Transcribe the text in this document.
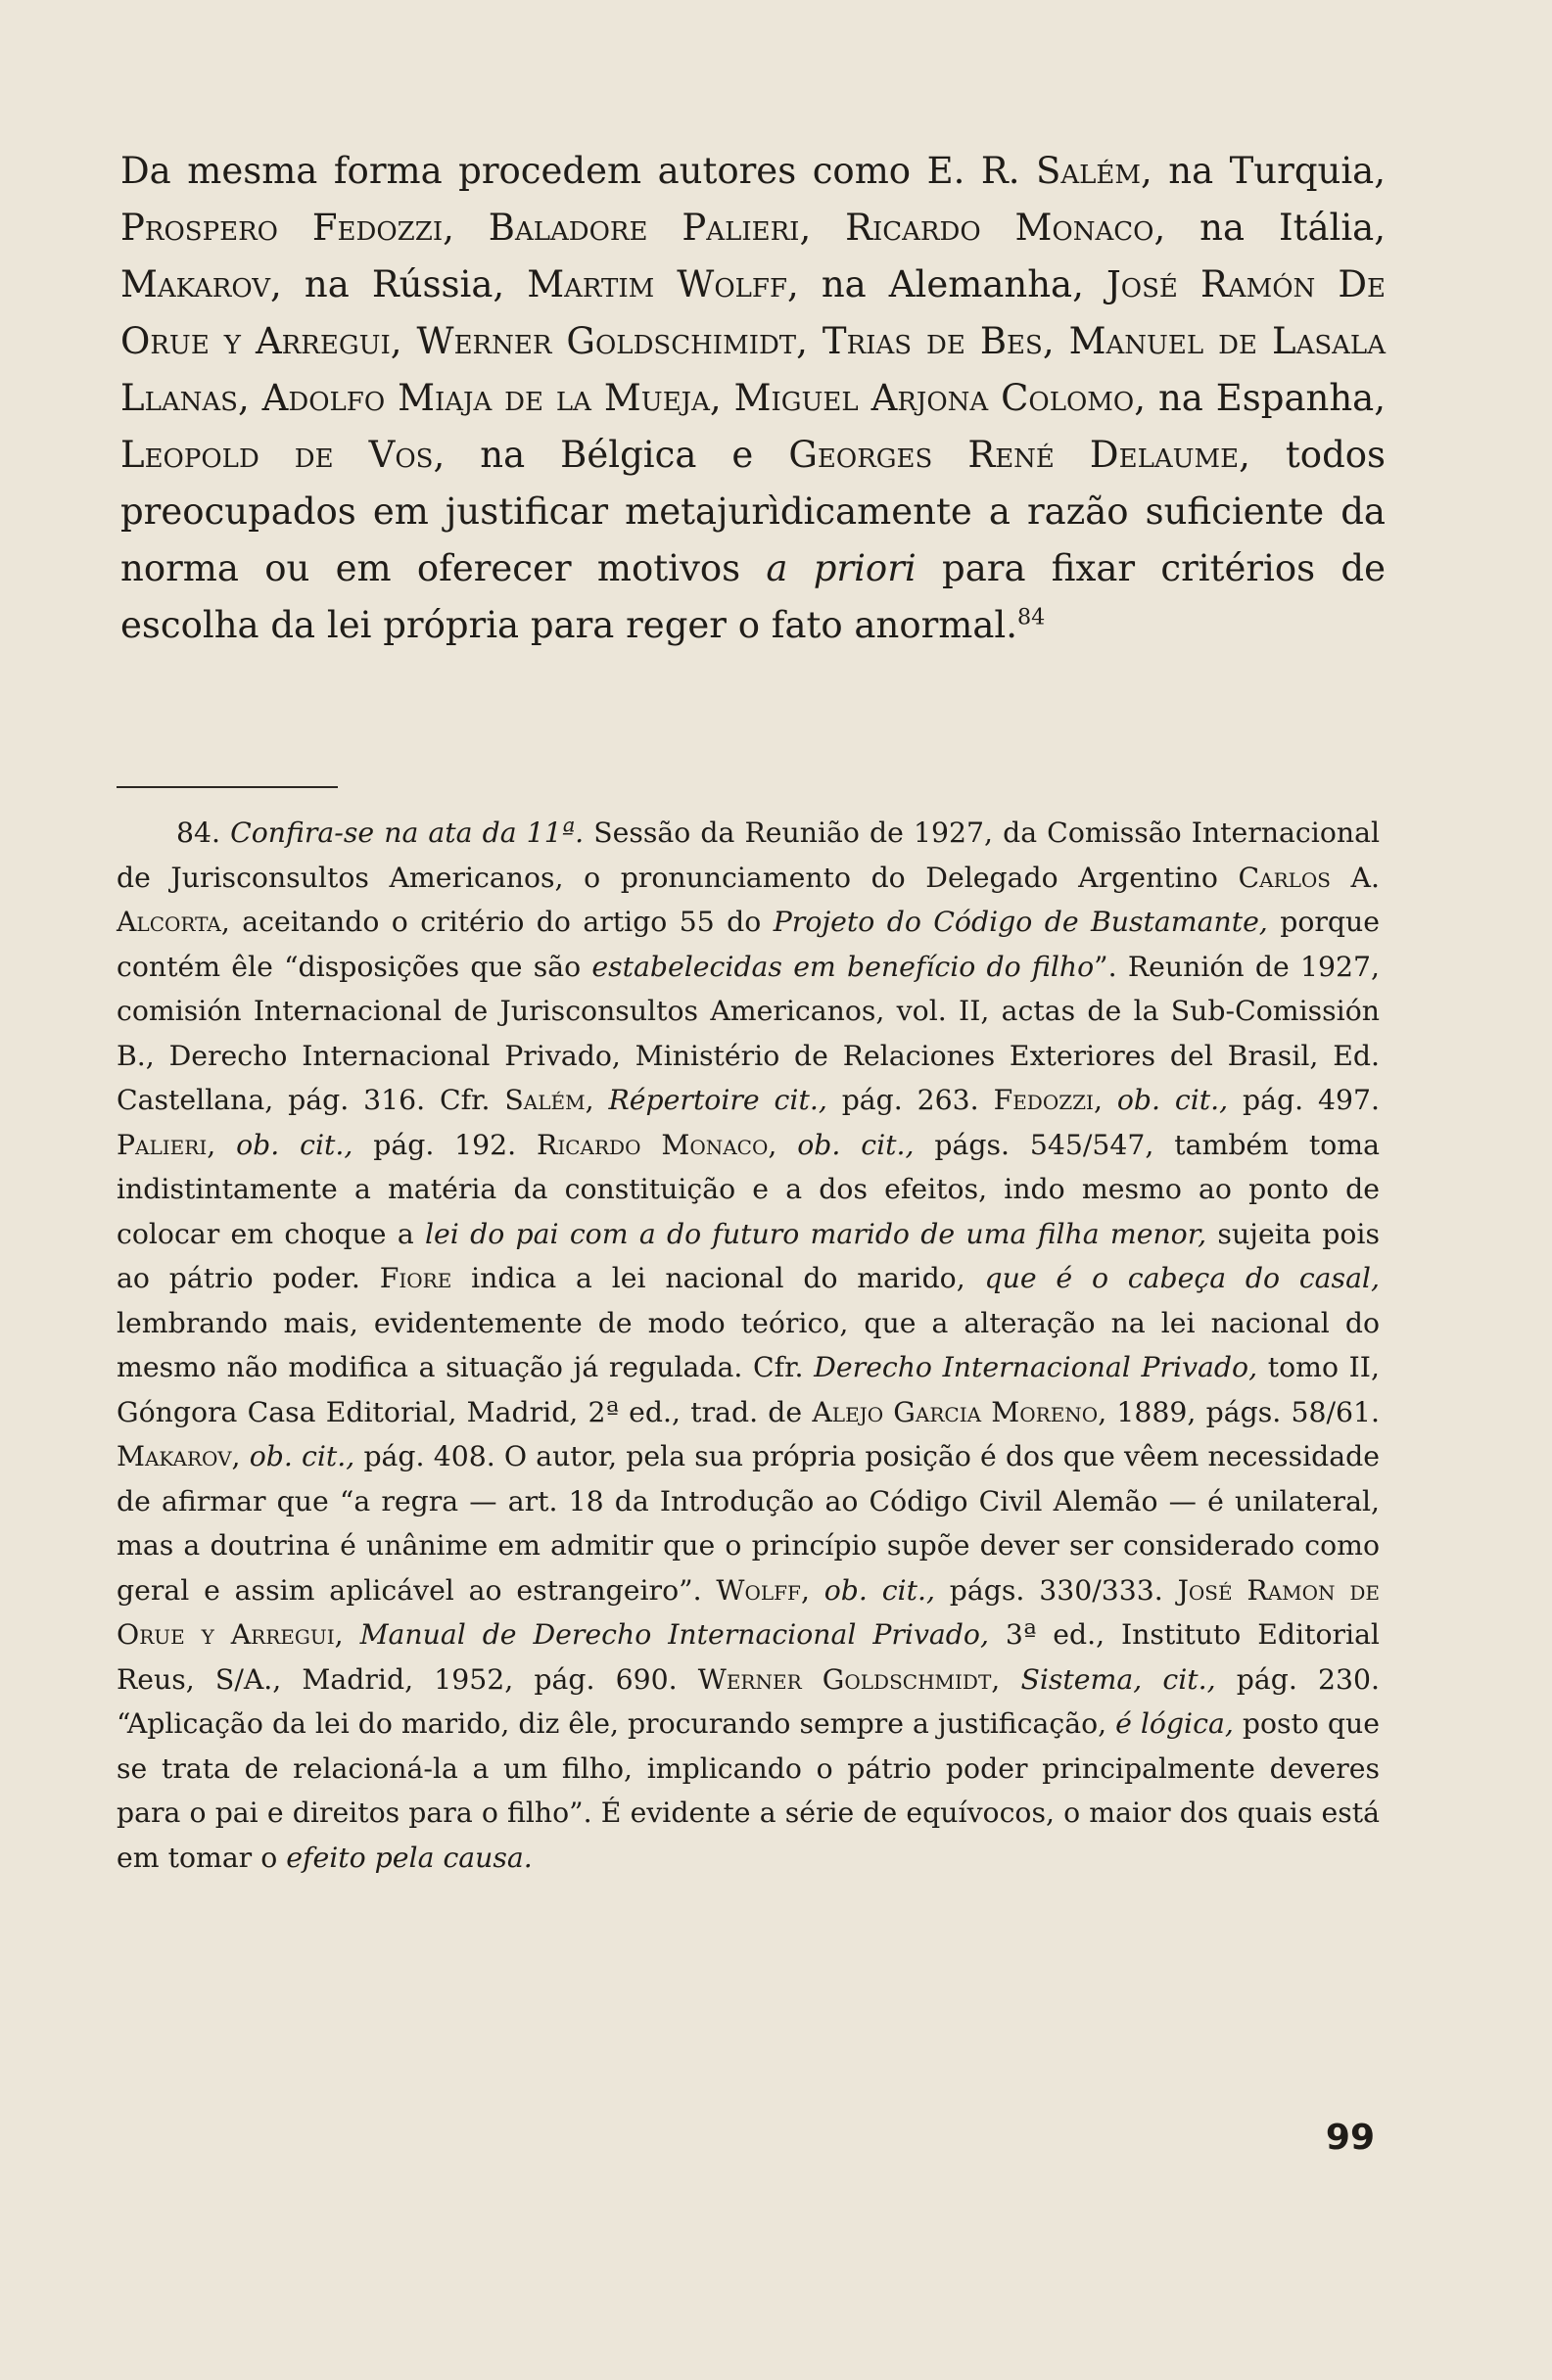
Da mesma forma procedem autores como E. R. Salém, na Turquia, Prospero Fedozzi, Baladore Palieri, Ricardo Monaco, na Itália, Makarov, na Rússia, Martim Wolff, na Alemanha, José Ramón De Orue y Arregui, Werner Goldschimidt, Trias de Bes, Manuel de Lasala Llanas, Adolfo Miaja de la Mueja, Miguel Arjona Colomo, na Espanha, Leopold de Vos, na Bélgica e Georges René Delaume, todos preocupados em justificar metajurìdicamente a razão suficiente da norma ou em oferecer motivos a priori para fixar critérios de escolha da lei própria para reger o fato anormal.$^{84}$

84. Confira-se na ata da 11ª. Sessão da Reunião de 1927, da Comissão Internacional de Jurisconsultos Americanos, o pronunciamento do Delegado Argentino Carlos A. Alcorta, aceitando o critério do artigo 55 do Projeto do Código de Bustamante, porque contém êle “disposições que são estabelecidas em benefício do filho”. Reunión de 1927, comisión Internacional de Jurisconsultos Americanos, vol. II, actas de la Sub-Comissión B., Derecho Internacional Privado, Ministério de Relaciones Exteriores del Brasil, Ed. Castellana, pág. 316. Cfr. Salém, Répertoire cit., pág. 263. Fedozzi, ob. cit., pág. 497. Palieri, ob. cit., pág. 192. Ricardo Monaco, ob. cit., págs. 545/547, também toma indistintamente a matéria da constituição e a dos efeitos, indo mesmo ao ponto de colocar em choque a lei do pai com a do futuro marido de uma filha menor, sujeita pois ao pátrio poder. Fiore indica a lei nacional do marido, que é o cabeça do casal, lembrando mais, evidentemente de modo teórico, que a alteração na lei nacional do mesmo não modifica a situação já regulada. Cfr. Derecho Internacional Privado, tomo II, Góngora Casa Editorial, Madrid, 2ª ed., trad. de Alejo Garcia Moreno, 1889, págs. 58/61. Makarov, ob. cit., pág. 408. O autor, pela sua própria posição é dos que vêem necessidade de afirmar que “a regra — art. 18 da Introdução ao Código Civil Alemão — é unilateral, mas a doutrina é unânime em admitir que o princípio supõe dever ser considerado como geral e assim aplicável ao estrangeiro”. Wolff, ob. cit., págs. 330/333. José Ramon de Orue y Arregui, Manual de Derecho Internacional Privado, 3ª ed., Instituto Editorial Reus, S/A., Madrid, 1952, pág. 690. Werner Goldschmidt, Sistema, cit., pág. 230. “Aplicação da lei do marido, diz êle, procurando sempre a justificação, é lógica, posto que se trata de relacioná-la a um filho, implicando o pátrio poder principalmente deveres para o pai e direitos para o filho”. É evidente a série de equívocos, o maior dos quais está em tomar o efeito pela causa.

99
